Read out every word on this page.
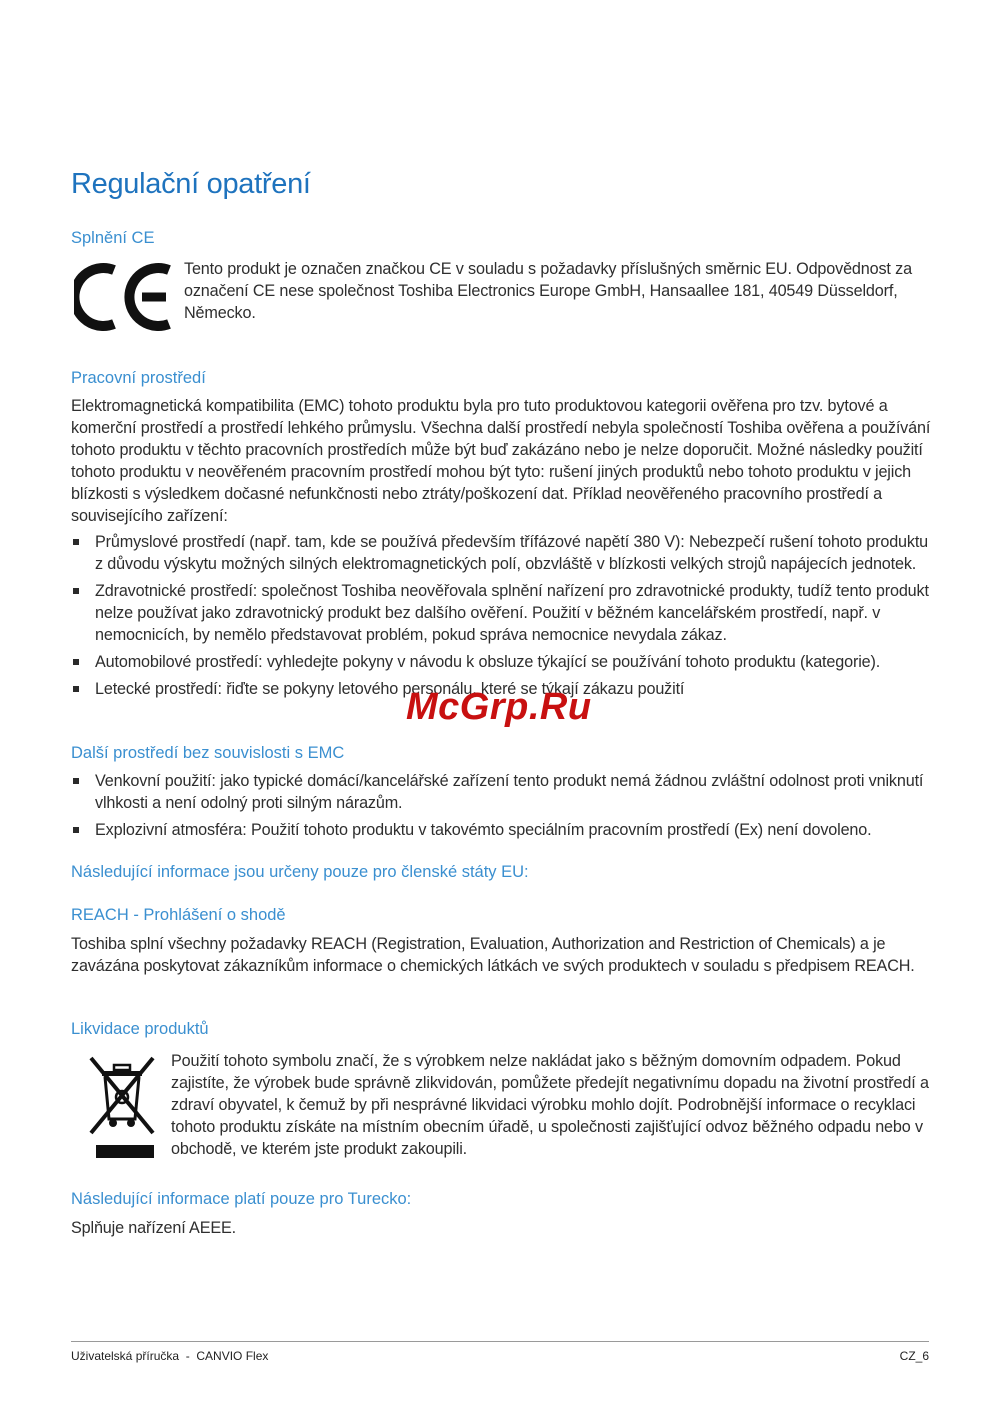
Regulační opatření
Splnění CE

Tento produkt je označen značkou CE v souladu s požadavky příslušných směrnic EU. Odpovědnost za označení CE nese společnost Toshiba Electronics Europe GmbH, Hansaallee 181, 40549 Düsseldorf, Německo.

Pracovní prostředí

Elektromagnetická kompatibilita (EMC) tohoto produktu byla pro tuto produktovou kategorii ověřena pro tzv. bytové a komerční prostředí a prostředí lehkého průmyslu. Všechna další prostředí nebyla společností Toshiba ověřena a používání tohoto produktu v těchto pracovních prostředích může být buď zakázáno nebo je nelze doporučit. Možné následky použití tohoto produktu v neověřeném pracovním prostředí mohou být tyto: rušení jiných produktů nebo tohoto produktu v jejich blízkosti s výsledkem dočasné nefunkčnosti nebo ztráty/poškození dat. Příklad neověřeného pracovního prostředí a souvisejícího zařízení:

Průmyslové prostředí (např. tam, kde se používá především třífázové napětí 380 V): Nebezpečí rušení tohoto produktu z důvodu výskytu možných silných elektromagnetických polí, obzvláště v blízkosti velkých strojů napájecích jednotek.
Zdravotnické prostředí: společnost Toshiba neověřovala splnění nařízení pro zdravotnické produkty, tudíž tento produkt nelze používat jako zdravotnický produkt bez dalšího ověření. Použití v běžném kancelářském prostředí, např. v nemocnicích, by nemělo představovat problém, pokud správa nemocnice nevydala zákaz.
Automobilové prostředí: vyhledejte pokyny v návodu k obsluze týkající se používání tohoto produktu (kategorie).
Letecké prostředí: řiďte se pokyny letového personálu, které se týkají zákazu použití
McGrp.Ru
Další prostředí bez souvislosti s EMC
Venkovní použití: jako typické domácí/kancelářské zařízení tento produkt nemá žádnou zvláštní odolnost proti vniknutí vlhkosti a není odolný proti silným nárazům.
Explozivní atmosféra: Použití tohoto produktu v takovémto speciálním pracovním prostředí (Ex) není dovoleno.
Následující informace jsou určeny pouze pro členské státy EU:
REACH - Prohlášení o shodě

Toshiba splní všechny požadavky REACH (Registration, Evaluation, Authorization and Restriction of Chemicals) a je zavázána poskytovat zákazníkům informace o chemických látkách ve svých produktech v souladu s předpisem REACH.

Likvidace produktů

Použití tohoto symbolu značí, že s výrobkem nelze nakládat jako s běžným domovním odpadem. Pokud zajistíte, že výrobek bude správně zlikvidován, pomůžete předejít negativnímu dopadu na životní prostředí a zdraví obyvatel, k čemuž by při nesprávné likvidaci výrobku mohlo dojít. Podrobnější informace o recyklaci tohoto produktu získáte na místním obecním úřadě, u společnosti zajišťující odvoz běžného odpadu nebo v obchodě, ve kterém jste produkt zakoupili.

Následující informace platí pouze pro Turecko:

Splňuje nařízení AEEE.

Uživatelská příručka  -  CANVIO Flex	CZ_6
